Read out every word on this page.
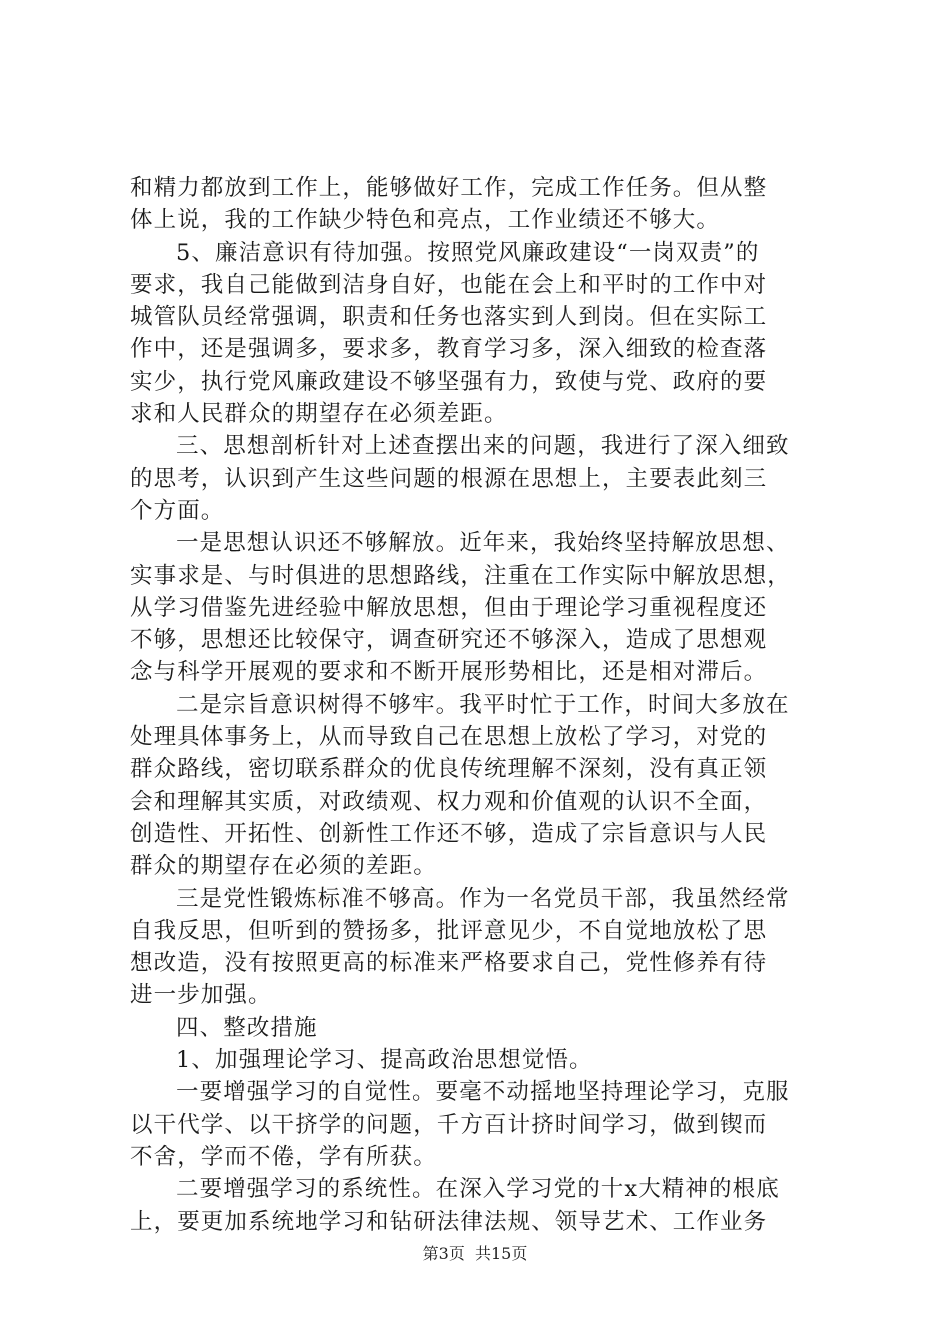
和精力都放到工作上，能够做好工作，完成工作任务。但从整
体上说，我的工作缺少特色和亮点，工作业绩还不够大。
5、廉洁意识有待加强。按照党风廉政建设“一岗双责”的
要求，我自己能做到洁身自好，也能在会上和平时的工作中对
城管队员经常强调，职责和任务也落实到人到岗。但在实际工
作中，还是强调多，要求多，教育学习多，深入细致的检查落
实少，执行党风廉政建设不够坚强有力，致使与党、政府的要
求和人民群众的期望存在必须差距。
三、思想剖析针对上述查摆出来的问题，我进行了深入细致
的思考，认识到产生这些问题的根源在思想上，主要表此刻三
个方面。
一是思想认识还不够解放。近年来，我始终坚持解放思想、
实事求是、与时俱进的思想路线，注重在工作实际中解放思想，
从学习借鉴先进经验中解放思想，但由于理论学习重视程度还
不够，思想还比较保守，调查研究还不够深入，造成了思想观
念与科学开展观的要求和不断开展形势相比，还是相对滞后。
二是宗旨意识树得不够牢。我平时忙于工作，时间大多放在
处理具体事务上，从而导致自己在思想上放松了学习，对党的
群众路线，密切联系群众的优良传统理解不深刻，没有真正领
会和理解其实质，对政绩观、权力观和价值观的认识不全面，
创造性、开拓性、创新性工作还不够，造成了宗旨意识与人民
群众的期望存在必须的差距。
三是党性锻炼标准不够高。作为一名党员干部，我虽然经常
自我反思，但听到的赞扬多，批评意见少，不自觉地放松了思
想改造，没有按照更高的标准来严格要求自己，党性修养有待
进一步加强。
四、整改措施
1、加强理论学习、提高政治思想觉悟。
一要增强学习的自觉性。要毫不动摇地坚持理论学习，克服
以干代学、以干挤学的问题，千方百计挤时间学习，做到锲而
不舍，学而不倦，学有所获。
二要增强学习的系统性。在深入学习党的十x大精神的根底
上，要更加系统地学习和钻研法律法规、领导艺术、工作业务
第3页  共15页
